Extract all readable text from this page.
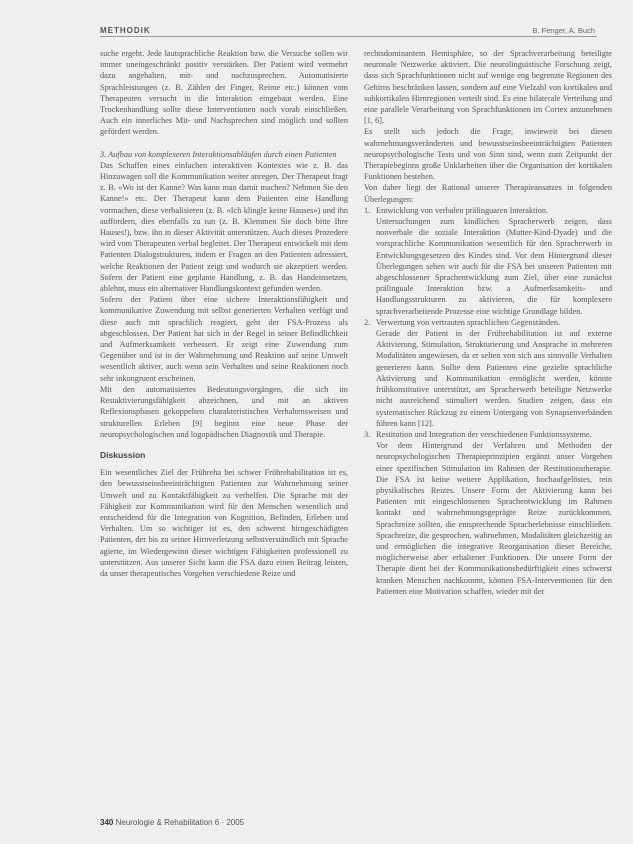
METHODIK	B. Fenger, A. Buch

suche ergeht. Jede lautsprachliche Reaktion bzw. die Versuche sollen wir immer uneingeschränkt positiv verstärken. Der Patient wird vermehrt dazu angehalten, mit- und nachzusprechen. Automatisierte Sprachleistungen (z. B. Zählen der Finger, Reime etc.) können vom Therapeuten versucht in die Interaktion eingebaut werden. Eine Trockenhandlung sollte diese Interventionen noch vorab einschließen. Auch ein innerliches Mit- und Nachsprechen sind möglich und sollten gefördert werden.

3. Aufbau von komplexeren Interaktionsabläufen durch einen Patienten

Das Schaffen eines einfachen interaktiven Kontextes wie z. B. das Hinzuwagen soll die Kommunikation weiter anregen. Der Therapeut fragt z. B. «Wo ist der Kanne? Was kann man damit machen? Nehmen Sie den Kanne!» etc. Der Therapeut kann dem Patienten eine Handlung vormachen, diese verbalisieren (z. B. «Ich klingle keine Hauses») und ihn auffordern, dies ebenfalls zu tun (z. B. Klemmen Sie doch bitte Ihre Hauses!), bzw. ihn in dieser Aktivität unterstützen. Auch dieses Prozedere wird vom Therapeuten verbal begleitet. Der Therapeut entwickelt mit dem Patienten Dialogstrukturen, indem er Fragen an den Patienten adressiert, welche Reaktionen der Patient zeigt und wodurch sie akzeptiert werden. Sofern der Patient eine geplante Handlung, z. B. das Handeinsetzen, ablehnt, muss ein alternativer Handlungskontext gefunden werden.

Sofern der Patient über eine sichere Interaktionsfähigkeit und kommunikative Zuwendung mit selbst generierten Verhalten verfügt und diese auch mit sprachlich reagiert, geht der FSA-Prozess als abgeschlossen. Der Patient hat sich in der Regel in seiner Befindlichkeit und Aufmerksamkeit verbessert. Er zeigt eine Zuwendung zum Gegenüber und ist in der Wahrnehmung und Reaktion auf seine Umwelt wesentlich aktiver, auch wenn sein Verhalten und seine Reaktionen noch sehr inkongruent erscheinen.

Mit den automatisiertes Bedeutungsvorgängen, die sich im Restaktivierungsfähigkeit abzeichnen, und mit an aktiven Reflexionsphasen gekoppelten charakteristischen Verhaltensweisen und strukturellen Erleben [9] beginnt eine neue Phase der neuropsychologischen und logopädischen Diagnostik und Therapie.

Diskussion

Ein wesentliches Ziel der Frühreha bei schwer Frührehabilitation ist es, den bewusstseinsbeeinträchtigten Patienten zur Wahrnehmung seiner Umwelt und zu Kontaktfähigkeit zu verhelfen. Die Sprache mit der Fähigkeit zur Kommunikation wird für den Menschen wesentlich und entscheidend für die Integration von Kognition, Befinden, Erleben und Verhalten. Um so wichtiger ist es, den schwerst hirngeschädigten Patienten, der bis zu seiner Hirnverletzung selbstverständlich mit Sprache agierte, im Wiedergewinn dieser wichtigen Fähigkeiten professionell zu unterstützen. Aus unserer Sicht kann die FSA dazu einen Beitrag leisten, da unser therapeutisches Vorgehen verschiedene Reize und

rechtsdominantem Hemisphäre, so der Sprachverarbeitung beteiligte neuronale Netzwerke aktiviert. Die neurolinguistische Forschung zeigt, dass sich Sprachfunktionen nicht auf wenige eng begrenzte Regionen des Gehirns beschränken lassen, sondern auf eine Vielzahl von kortikalen und subkortikalen Hirnregionen verteilt sind. Es eine bilaterale Verteilung und eine parallele Verarbeitung von Sprachfunktionen im Cortex anzunehmen [1, 6].

Es stellt sich jedoch die Frage, inwieweit bei diesen wahrnehmungsveränderten und bewusstseinsbeeinträchtigten Patienten neuropsychologische Tests und von Sinn sind, wenn zum Zeitpunkt der Therapiebeginns große Unklarheiten über die Organisation der kortikalen Funktionen bestehen.

Von daher liegt der Rational unserer Therapieansatzes in folgenden Überlegungen:

1. Entwicklung von verbalen prälinguaren Interaktion.

Untersuchungen zum kindlichen Spracherwerb zeigen, dass nonverbale die soziale Interaktion (Mutter-Kind-Dyade) und die vorsprachliche Kommunikation wesentlich für den Spracherwerb in Entwicklungsgesetzen des Kindes sind. Vor dem Hintergrund dieser Überlegungen sehen wir auch für die FSA bei unseren Patienten mit abgeschlossener Sprachentwicklung zum Ziel, über eine zunächst prälinguale Interaktion bzw. a Aufmerksamkeits- und Handlungsstrukturen zu aktivieren, die für komplexere sprachverarbeitende Prozesse eine wichtige Grundlage bilden.

2. Verwertung von vertrauten sprachlichen Gegenständen.

Gerade der Patient in der Frührehabilitation ist auf externe Aktivierung, Stimulation, Strukturierung und Ansprache in mehreren Modalitäten angewiesen, da er selten von sich aus sinnvolle Verhalten generieren kann. Sollte dem Patienten eine gezielte sprachliche Aktivierung und Kommunikation ermöglicht werden, könnte frühkonstitutive unterstützt, am Spracherwerb beteiligte Netzwerke nicht ausreichend stimuliert werden. Studien zeigen, dass ein systematischer Rückzug zu einem Untergang von Synapsenverbänden führen kann [12].

3. Restitution und Integration der verschiedenen Funktionssysteme.

Vor dem Hintergrund der Verfahren und Methoden der neuropsychologischen Therapieprinzipien ergänzt unser Vorgehen einer spezifischen Stimulation im Rahmen der Restitutionstherapie. Die FSA ist keine weitere Applikation, hochaufgelöstes, rein physikalisches Reizes. Unsere Form der Aktivierung kann bei Patienten mit eingeschlossenen Sprachentwicklung im Rahmen kontakt und wahrnehmungsgeprägte Reize zurückkommen. Sprachreize sollten, die entsprechende Spracherlebnisse einschließen. Sprachreize, die gesprochen, wahrnehmen, Modalitäten gleichzeitig an und ermöglichen die integrative Reorganisation dieser Bereiche, möglicherweise aber erhaltener Funktionen. Die unsere Form der Therapie dient bei der Kommunikationsbedürftigkeit eines schwerst kranken Menschen nachkommt, können FSA-Interventionen für den Patienten eine Motivation schaffen, wieder mit der

340 Neurologie & Rehabilitation 6 · 2005
